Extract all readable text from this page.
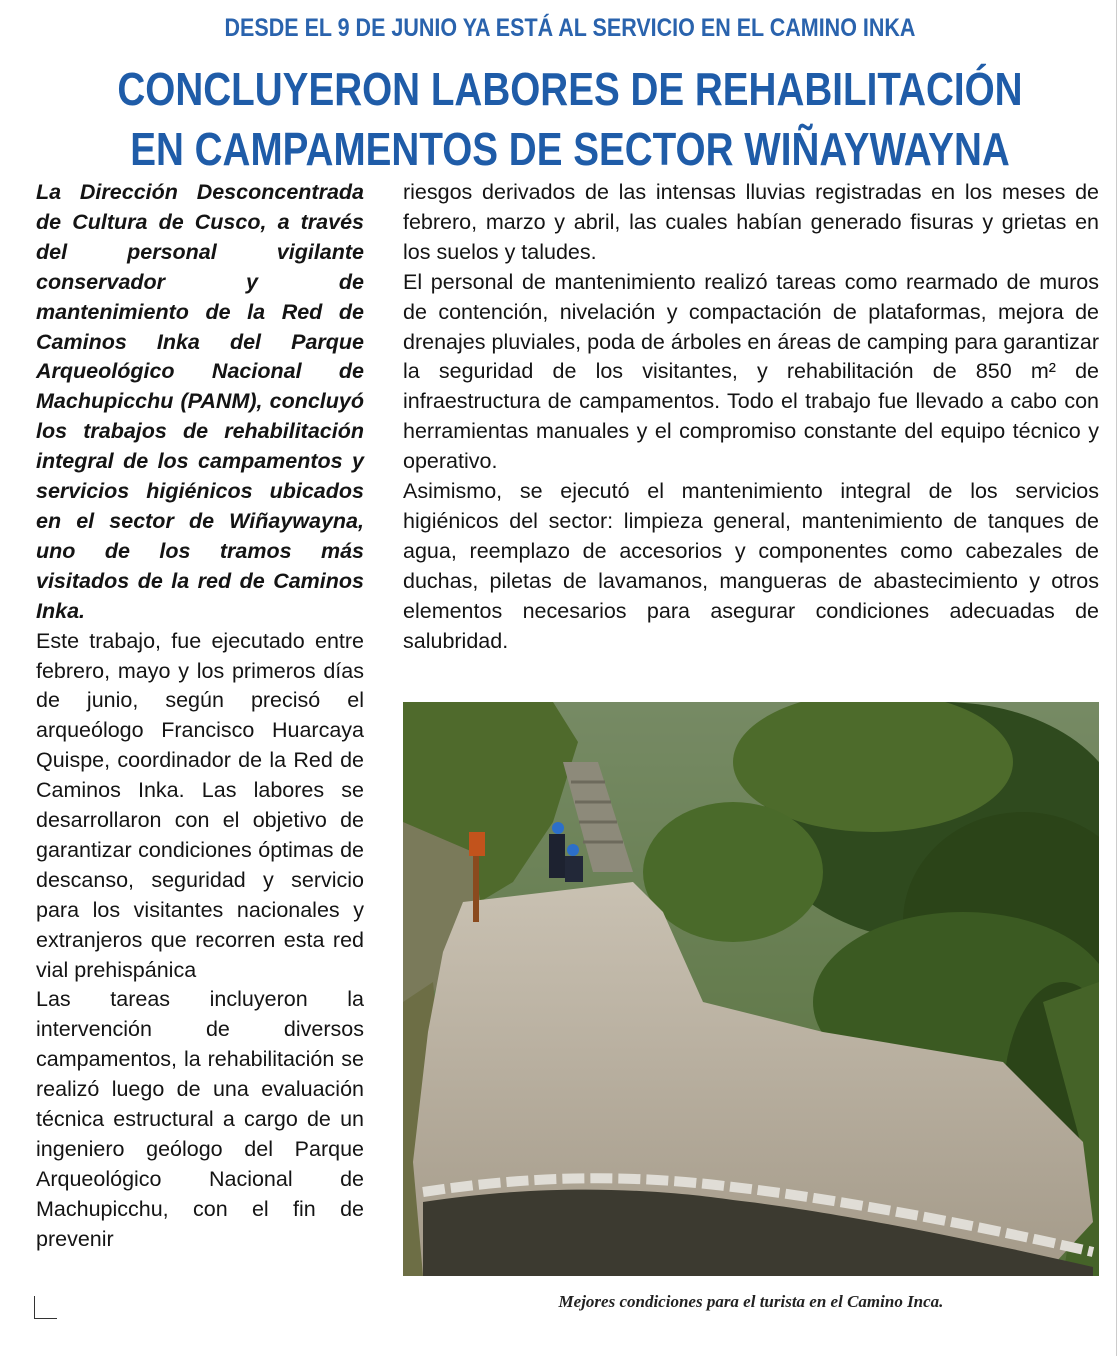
DESDE EL 9 DE JUNIO YA ESTÁ AL SERVICIO EN EL CAMINO INKA
CONCLUYERON LABORES DE REHABILITACIÓN
EN CAMPAMENTOS DE SECTOR WIÑAYWAYNA

La Dirección Desconcentrada de Cultura de Cusco, a través del personal vigilante conservador y de mantenimiento de la Red de Caminos Inka del Parque Arqueológico Nacional de Machupicchu (PANM), concluyó los trabajos de rehabilitación integral de los campamentos y servicios higiénicos ubicados en el sector de Wiñaywayna, uno de los tramos más visitados de la red de Caminos Inka.

Este trabajo, fue ejecutado entre febrero, mayo y los primeros días de junio, según precisó el arqueólogo Francisco Huarcaya Quispe, coordinador de la Red de Caminos Inka. Las labores se desarrollaron con el objetivo de garantizar condiciones óptimas de descanso, seguridad y servicio para los visitantes nacionales y extranjeros que recorren esta red vial prehispánica

Las tareas incluyeron la intervención de diversos campamentos, la rehabilitación se realizó luego de una evaluación técnica estructural a cargo de un ingeniero geólogo del Parque Arqueológico Nacional de Machupicchu, con el fin de prevenir

riesgos derivados de las intensas lluvias registradas en los meses de febrero, marzo y abril, las cuales habían generado fisuras y grietas en los suelos y taludes.

El personal de mantenimiento realizó tareas como rearmado de muros de contención, nivelación y compactación de plataformas, mejora de drenajes pluviales, poda de árboles en áreas de camping para garantizar la seguridad de los visitantes, y rehabilitación de 850 m² de infraestructura de campamentos. Todo el trabajo fue llevado a cabo con herramientas manuales y el compromiso constante del equipo técnico y operativo.

Asimismo, se ejecutó el mantenimiento integral de los servicios higiénicos del sector: limpieza general, mantenimiento de tanques de agua, reemplazo de accesorios y componentes como cabezales de duchas, piletas de lavamanos, mangueras de abastecimiento y otros elementos necesarios para asegurar condiciones adecuadas de salubridad.

Mejores condiciones para el turista en el Camino Inca.
